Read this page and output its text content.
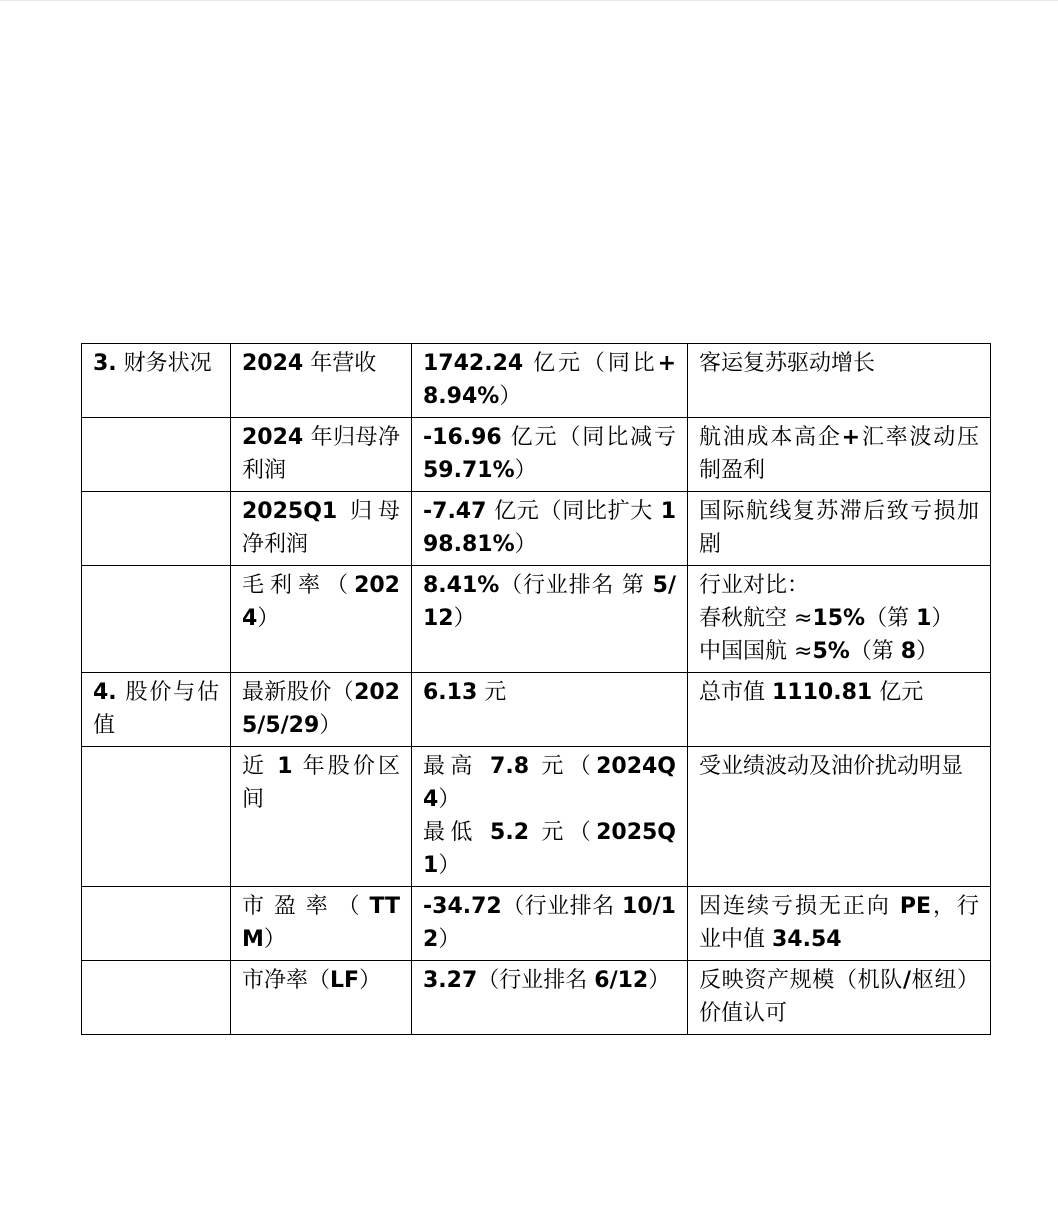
3. 财务状况	2024 年营收	1742.24 亿元（同比+8.94%）	客运复苏驱动增长

	2024 年归母净利润	-16.96 亿元（同比减亏 59.71%）	航油成本高企+汇率波动压制盈利

	2025Q1 归母净利润	-7.47 亿元（同比扩大 198.81%）	国际航线复苏滞后致亏损加剧

	毛利率（2024）	8.41%（行业排名 第 5/12）	行业对比：
春秋航空 ≈15%（第 1）
中国国航 ≈5%（第 8）

4. 股价与估值	最新股价（2025/5/29）	6.13 元	总市值 1110.81 亿元

	近 1 年股价区间	最高 7.8 元（2024Q4）
最低 5.2 元（2025Q1）	受业绩波动及油价扰动明显

	市盈率（TTM）	-34.72（行业排名 10/12）	因连续亏损无正向 PE，行业中值 34.54

	市净率（LF）	3.27（行业排名 6/12）	反映资产规模（机队/枢纽）价值认可
